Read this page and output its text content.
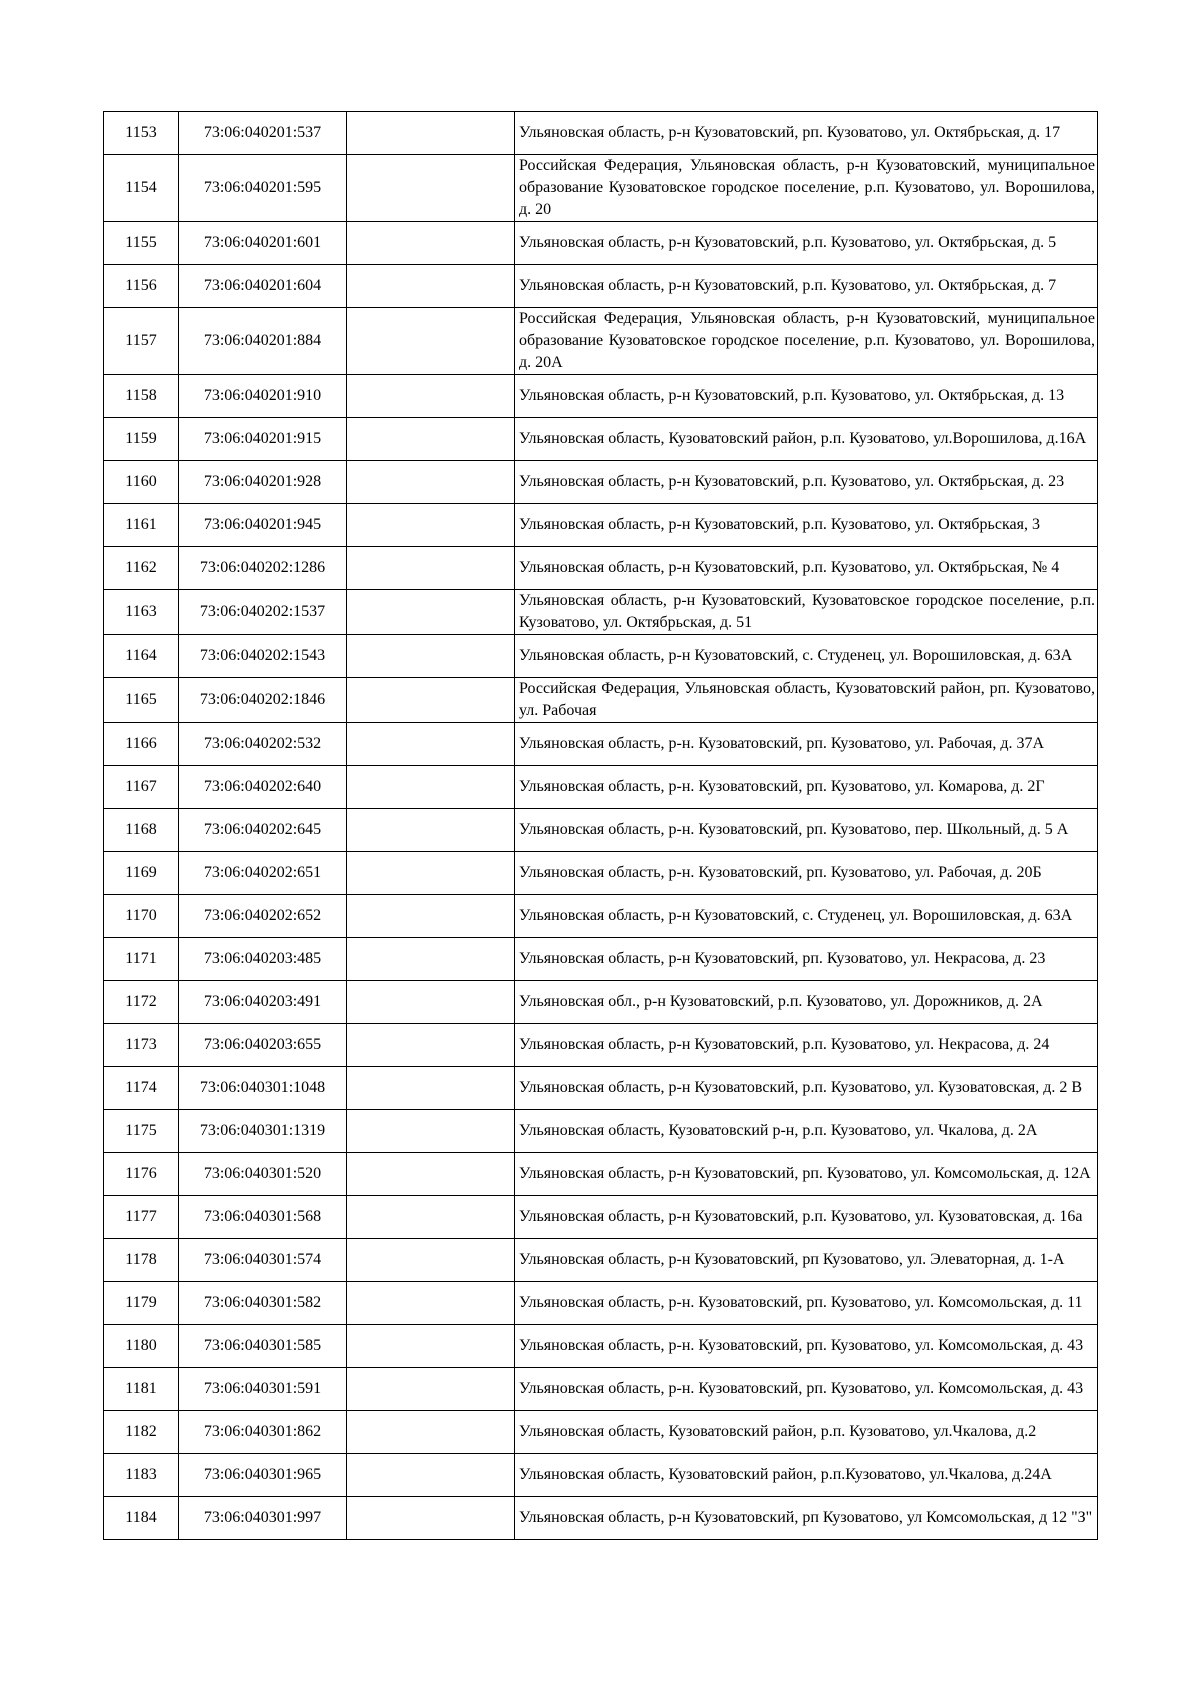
1153	73:06:040201:537		Ульяновская область, р-н Кузоватовский, рп. Кузоватово, ул. Октябрьская, д. 17
1154	73:06:040201:595		Российская Федерация, Ульяновская область, р-н Кузоватовский, муниципальное образование Кузоватовское городское поселение, р.п. Кузоватово, ул. Ворошилова, д. 20
1155	73:06:040201:601		Ульяновская область, р-н Кузоватовский, р.п. Кузоватово, ул. Октябрьская, д. 5
1156	73:06:040201:604		Ульяновская область, р-н Кузоватовский, р.п. Кузоватово, ул. Октябрьская, д. 7
1157	73:06:040201:884		Российская Федерация, Ульяновская область, р-н Кузоватовский, муниципальное образование Кузоватовское городское поселение, р.п. Кузоватово, ул. Ворошилова, д. 20А
1158	73:06:040201:910		Ульяновская область, р-н Кузоватовский, р.п. Кузоватово, ул. Октябрьская, д. 13
1159	73:06:040201:915		Ульяновская область, Кузоватовский район, р.п. Кузоватово, ул.Ворошилова, д.16А
1160	73:06:040201:928		Ульяновская область, р-н Кузоватовский, р.п. Кузоватово, ул. Октябрьская, д. 23
1161	73:06:040201:945		Ульяновская область, р-н Кузоватовский, р.п. Кузоватово, ул. Октябрьская, 3
1162	73:06:040202:1286		Ульяновская область, р-н Кузоватовский, р.п. Кузоватово, ул. Октябрьская, № 4
1163	73:06:040202:1537		Ульяновская область, р-н Кузоватовский, Кузоватовское городское поселение, р.п. Кузоватово, ул. Октябрьская, д. 51
1164	73:06:040202:1543		Ульяновская область, р-н Кузоватовский, с. Студенец, ул. Ворошиловская, д. 63А
1165	73:06:040202:1846		Российская Федерация, Ульяновская область, Кузоватовский район, рп. Кузоватово, ул. Рабочая
1166	73:06:040202:532		Ульяновская область, р-н. Кузоватовский, рп. Кузоватово, ул. Рабочая, д. 37А
1167	73:06:040202:640		Ульяновская область, р-н. Кузоватовский, рп. Кузоватово, ул. Комарова, д. 2Г
1168	73:06:040202:645		Ульяновская область, р-н. Кузоватовский, рп. Кузоватово, пер. Школьный, д. 5 А
1169	73:06:040202:651		Ульяновская область, р-н. Кузоватовский, рп. Кузоватово, ул. Рабочая, д. 20Б
1170	73:06:040202:652		Ульяновская область, р-н Кузоватовский, с. Студенец, ул. Ворошиловская, д. 63А
1171	73:06:040203:485		Ульяновская область, р-н Кузоватовский, рп. Кузоватово, ул. Некрасова, д. 23
1172	73:06:040203:491		Ульяновская обл., р-н Кузоватовский, р.п. Кузоватово, ул. Дорожников, д. 2А
1173	73:06:040203:655		Ульяновская область, р-н Кузоватовский, р.п. Кузоватово, ул. Некрасова, д. 24
1174	73:06:040301:1048		Ульяновская область, р-н Кузоватовский, р.п. Кузоватово, ул. Кузоватовская, д. 2 В
1175	73:06:040301:1319		Ульяновская область, Кузоватовский р-н, р.п. Кузоватово, ул. Чкалова, д. 2А
1176	73:06:040301:520		Ульяновская область, р-н Кузоватовский, рп. Кузоватово, ул. Комсомольская, д. 12А
1177	73:06:040301:568		Ульяновская область, р-н Кузоватовский, р.п. Кузоватово, ул. Кузоватовская, д. 16а
1178	73:06:040301:574		Ульяновская область, р-н Кузоватовский, рп Кузоватово, ул. Элеваторная, д. 1-А
1179	73:06:040301:582		Ульяновская область, р-н. Кузоватовский, рп. Кузоватово, ул. Комсомольская, д. 11
1180	73:06:040301:585		Ульяновская область, р-н. Кузоватовский, рп. Кузоватово, ул. Комсомольская, д. 43
1181	73:06:040301:591		Ульяновская область, р-н. Кузоватовский, рп. Кузоватово, ул. Комсомольская, д. 43
1182	73:06:040301:862		Ульяновская область, Кузоватовский район, р.п. Кузоватово, ул.Чкалова, д.2
1183	73:06:040301:965		Ульяновская область, Кузоватовский район, р.п.Кузоватово, ул.Чкалова, д.24А
1184	73:06:040301:997		Ульяновская область, р-н Кузоватовский, рп Кузоватово, ул Комсомольская, д 12 "З"
